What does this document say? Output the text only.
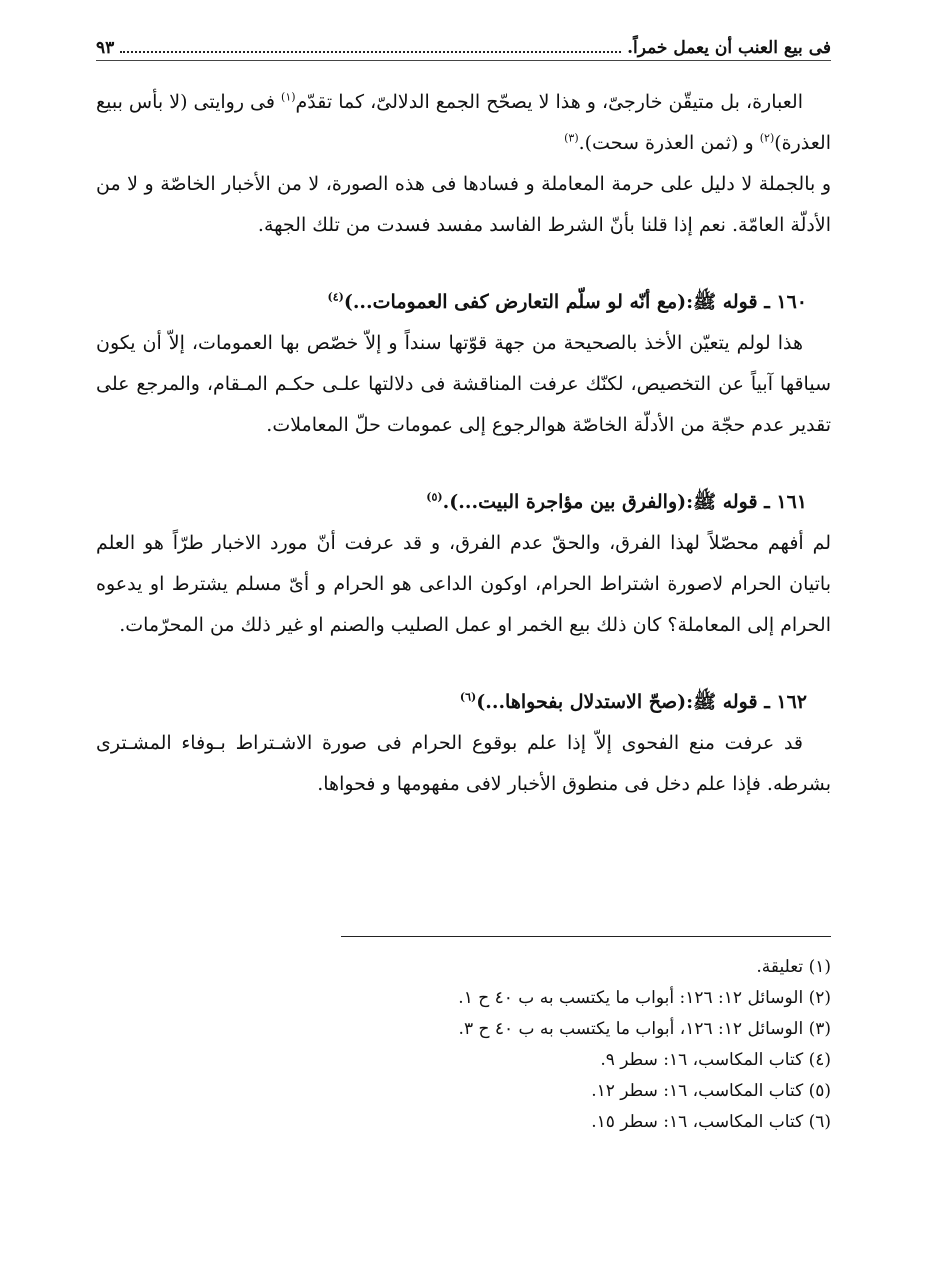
فى بيع العنب أن يعمل خمراً.
٩٣

العبارة، بل متيقّن خارجىّ، و هذا لا يصحّح الجمع الدلالىّ، كما تقدّم$^{(١)}$ فى روايتى (لا بأس ببيع العذرة)$^{(٢)}$ و (ثمن العذرة سحت).$^{(٣)}$

و بالجملة لا دليل على حرمة المعاملة و فسادها فى هذه الصورة، لا من الأخبار الخاصّة و لا من الأدلّة العامّة. نعم إذا قلنا بأنّ الشرط الفاسد مفسد فسدت من تلك الجهة.

١٦٠ ـ قوله ﷺ:(مع أنّه لو سلّم التعارض كفى العمومات...)$^{(٤)}$

هذا لولم يتعيّن الأخذ بالصحيحة من جهة قوّتها سنداً و إلاّ خصّص بها العمومات، إلاّ أن يكون سياقها آبياً عن التخصيص، لكنّك عرفت المناقشة فى دلالتها علـى حكـم المـقام، والمرجع على تقدير عدم حجّة من الأدلّة الخاصّة هوالرجوع إلى عمومات حلّ المعاملات.

١٦١ ـ قوله ﷺ:(والفرق بين مؤاجرة البيت...).$^{(٥)}$

لم أفهم محصّلاً لهذا الفرق، والحقّ عدم الفرق، و قد عرفت أنّ مورد الاخبار طرّاً هو العلم باتيان الحرام لاصورة اشتراط الحرام، اوكون الداعى هو الحرام و أىّ مسلم يشترط او يدعوه الحرام إلى المعاملة؟ كان ذلك بيع الخمر او عمل الصليب والصنم او غير ذلك من المحرّمات.

١٦٢ ـ قوله ﷺ:(صحّ الاستدلال بفحواها...)$^{(٦)}$

قد عرفت منع الفحوى إلاّ إذا علم بوقوع الحرام فى صورة الاشـتراط بـوفاء المشـترى بشرطه. فإذا علم دخل فى منطوق الأخبار لافى مفهومها و فحواها.

(١) تعليقة.
(٢) الوسائل ١٢: ١٢٦: أبواب ما يكتسب به ب ٤٠ ح ١.
(٣) الوسائل ١٢: ١٢٦، أبواب ما يكتسب به ب ٤٠ ح ٣.
(٤) كتاب المكاسب، ١٦: سطر ٩.
(٥) كتاب المكاسب، ١٦: سطر ١٢.
(٦) كتاب المكاسب، ١٦: سطر ١٥.
